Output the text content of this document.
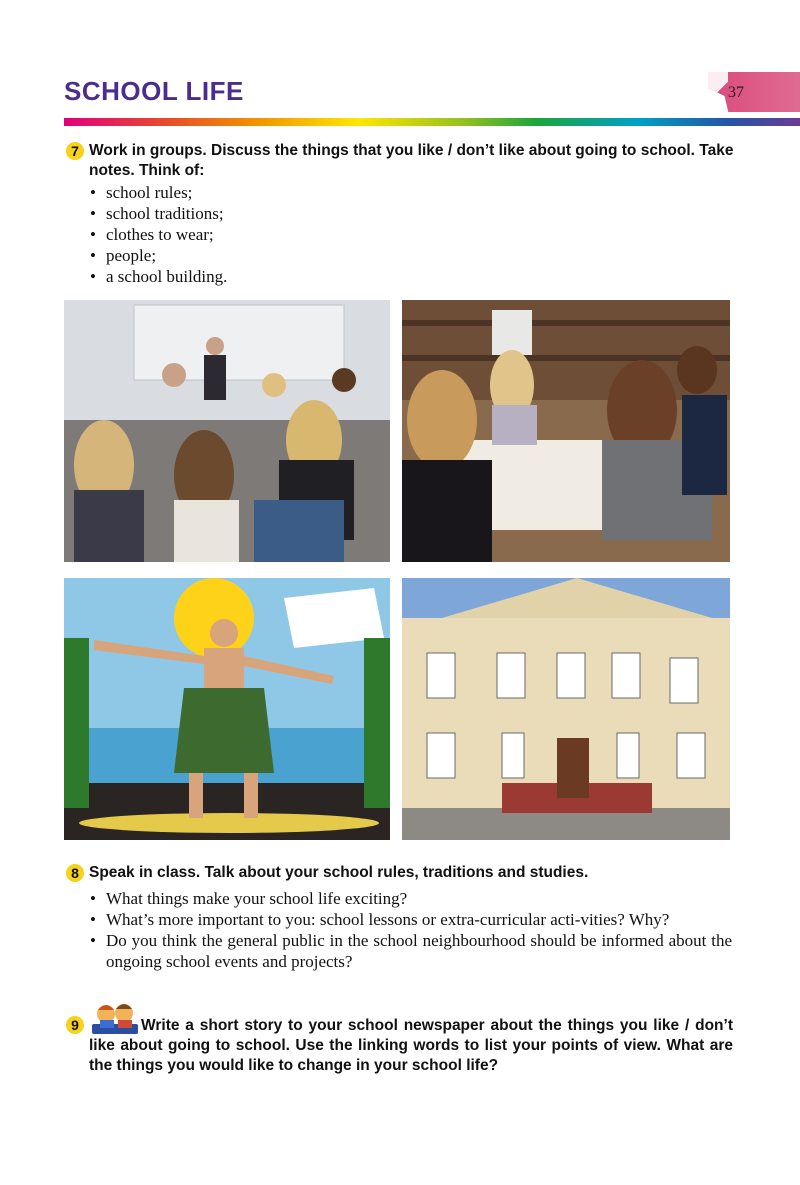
SCHOOL LIFE	37
7 Work in groups. Discuss the things that you like / don’t like about going to school. Take notes. Think of:
• school rules;
• school traditions;
• clothes to wear;
• people;
• a school building.
8 Speak in class. Talk about your school rules, traditions and studies.
• What things make your school life exciting?
• What’s more important to you: school lessons or extra-curricular acti-vities? Why?
• Do you think the general public in the school neighbourhood should be informed about the ongoing school events and projects?
9	Write a short story to your school newspaper about the things you like / don’t like about going to school. Use the linking words to list your points of view. What are the things you would like to change in your school life?
